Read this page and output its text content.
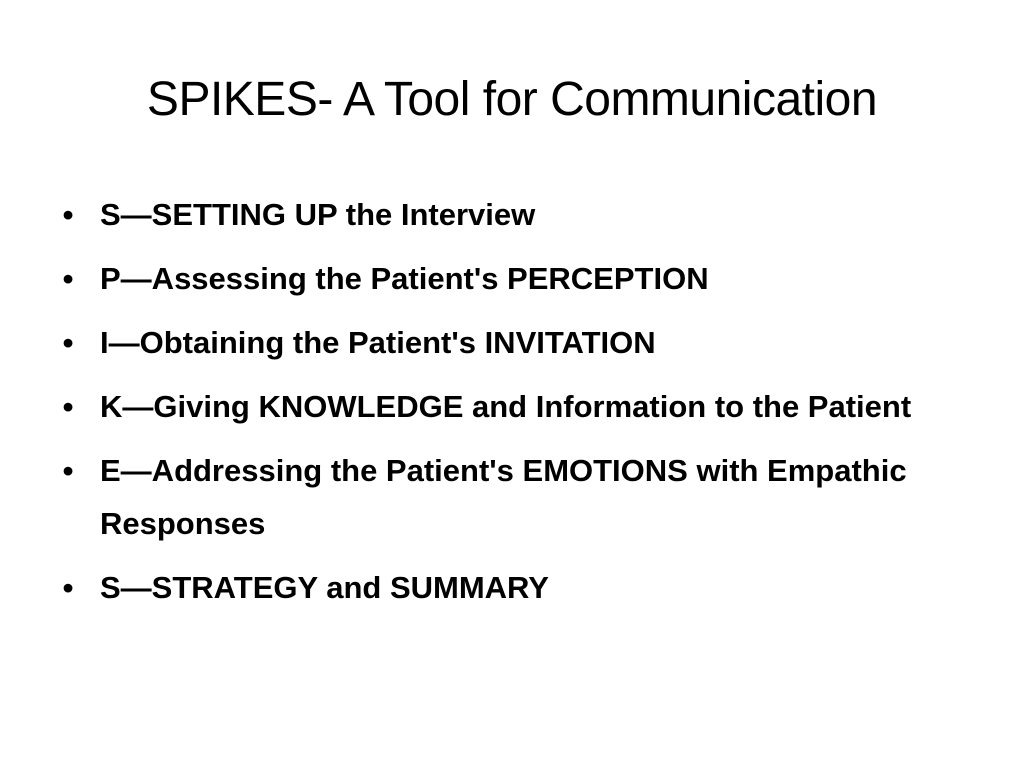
SPIKES- A Tool for Communication
• S—SETTING UP the Interview
• P—Assessing the Patient's PERCEPTION
• I—Obtaining the Patient's INVITATION
• K—Giving KNOWLEDGE and Information to the Patient
• E—Addressing the Patient's EMOTIONS with Empathic Responses
• S—STRATEGY and SUMMARY
